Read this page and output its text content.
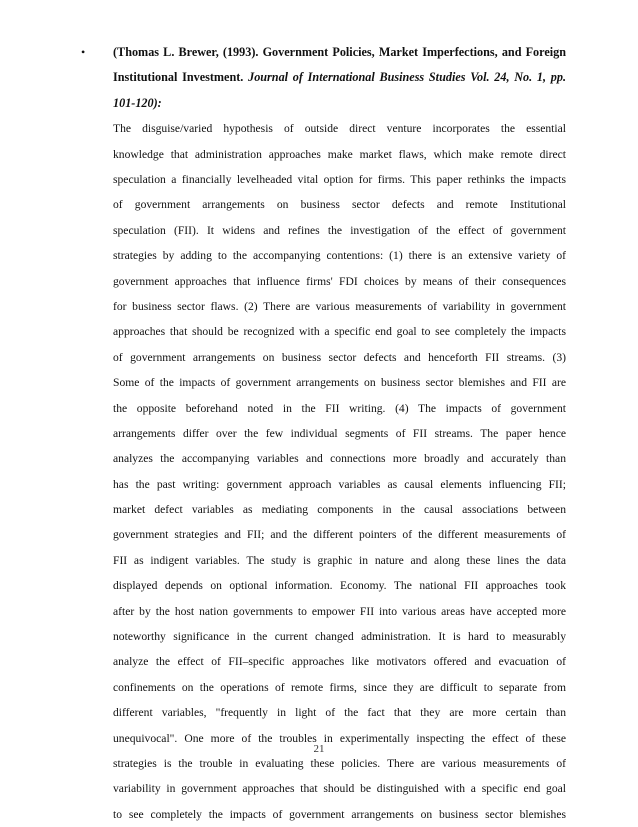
• (Thomas L. Brewer, (1993). Government Policies, Market Imperfections, and Foreign Institutional Investment. Journal of International Business Studies Vol. 24, No. 1, pp. 101-120):

The disguise/varied hypothesis of outside direct venture incorporates the essential
knowledge that administration approaches make market flaws, which make remote direct
speculation a financially levelheaded vital option for firms. This paper rethinks the impacts
of government arrangements on business sector defects and remote Institutional
speculation (FII). It widens and refines the investigation of the effect of government
strategies by adding to the accompanying contentions: (1) there is an extensive variety of
government approaches that influence firms' FDI choices by means of their consequences
for business sector flaws. (2) There are various measurements of variability in government
approaches that should be recognized with a specific end goal to see completely the impacts
of government arrangements on business sector defects and henceforth FII streams. (3)
Some of the impacts of government arrangements on business sector blemishes and FII are
the opposite beforehand noted in the FII writing. (4) The impacts of government
arrangements differ over the few individual segments of FII streams. The paper hence
analyzes the accompanying variables and connections more broadly and accurately than
has the past writing: government approach variables as causal elements influencing FII;
market defect variables as mediating components in the causal associations between
government strategies and FII; and the different pointers of the different measurements of
FII as indigent variables. The study is graphic in nature and along these lines the data
displayed depends on optional information. Economy. The national FII approaches took
after by the host nation governments to empower FII into various areas have accepted more
noteworthy significance in the current changed administration. It is hard to measurably
analyze the effect of FII–specific approaches like motivators offered and evacuation of
confinements on the operations of remote firms, since they are difficult to separate from
different variables, "frequently in light of the fact that they are more certain than
unequivocal". One more of the troubles in experimentally inspecting the effect of these
strategies is the trouble in evaluating these policies. There are various measurements of
variability in government approaches that should be distinguished with a specific end goal
to see completely the impacts of government arrangements on business sector blemishes
21
